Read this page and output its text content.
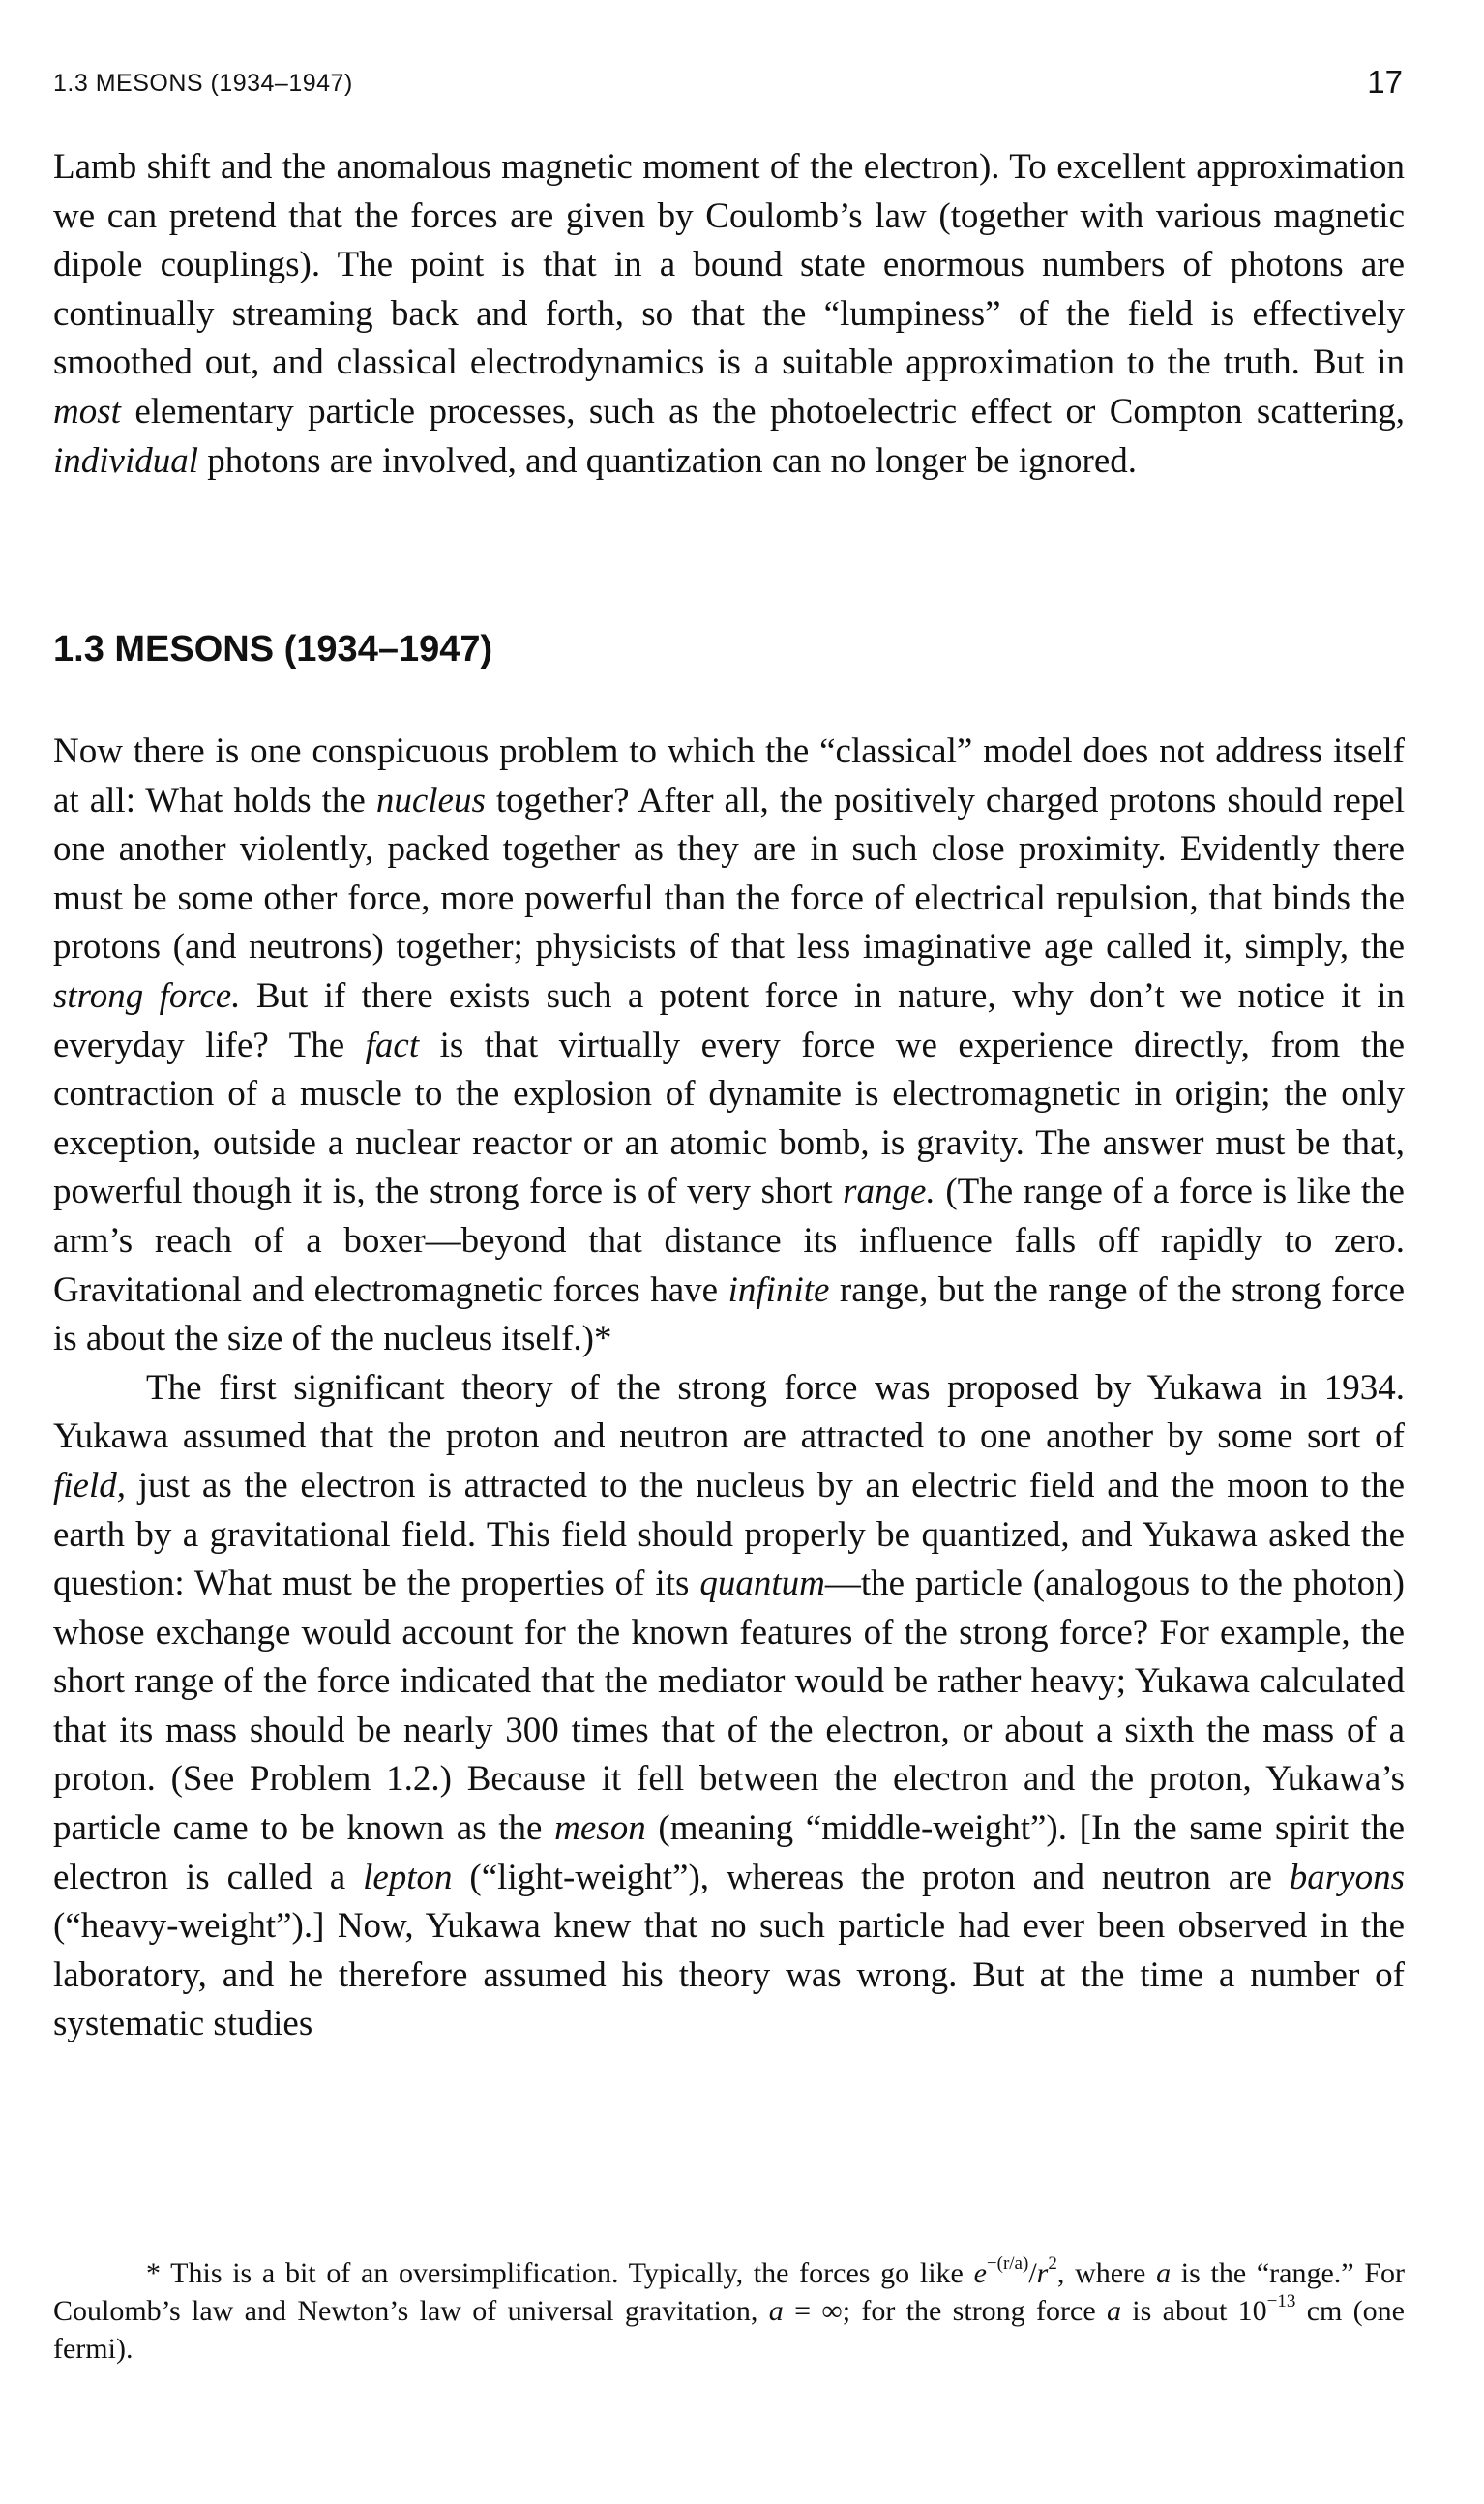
1.3 MESONS (1934–1947)	17

Lamb shift and the anomalous magnetic moment of the electron). To excellent approximation we can pretend that the forces are given by Coulomb’s law (together with various magnetic dipole couplings). The point is that in a bound state enormous numbers of photons are continually streaming back and forth, so that the “lumpiness” of the field is effectively smoothed out, and classical electrodynamics is a suitable approximation to the truth. But in most elementary particle processes, such as the photoelectric effect or Compton scattering, individual photons are involved, and quantization can no longer be ignored.

1.3 MESONS (1934–1947)

Now there is one conspicuous problem to which the “classical” model does not address itself at all: What holds the nucleus together? After all, the positively charged protons should repel one another violently, packed together as they are in such close proximity. Evidently there must be some other force, more powerful than the force of electrical repulsion, that binds the protons (and neutrons) together; physicists of that less imaginative age called it, simply, the strong force. But if there exists such a potent force in nature, why don’t we notice it in everyday life? The fact is that virtually every force we experience directly, from the contraction of a muscle to the explosion of dynamite is electromagnetic in origin; the only exception, outside a nuclear reactor or an atomic bomb, is gravity. The answer must be that, powerful though it is, the strong force is of very short range. (The range of a force is like the arm’s reach of a boxer—beyond that distance its influence falls off rapidly to zero. Gravitational and electromagnetic forces have infinite range, but the range of the strong force is about the size of the nucleus itself.)*

The first significant theory of the strong force was proposed by Yukawa in 1934. Yukawa assumed that the proton and neutron are attracted to one another by some sort of field, just as the electron is attracted to the nucleus by an electric field and the moon to the earth by a gravitational field. This field should properly be quantized, and Yukawa asked the question: What must be the properties of its quantum—the particle (analogous to the photon) whose exchange would account for the known features of the strong force? For example, the short range of the force indicated that the mediator would be rather heavy; Yukawa calculated that its mass should be nearly 300 times that of the electron, or about a sixth the mass of a proton. (See Problem 1.2.) Because it fell between the electron and the proton, Yukawa’s particle came to be known as the meson (meaning “middle-weight”). [In the same spirit the electron is called a lepton (“light-weight”), whereas the proton and neutron are baryons (“heavy-weight”).] Now, Yukawa knew that no such particle had ever been observed in the laboratory, and he therefore assumed his theory was wrong. But at the time a number of systematic studies

* This is a bit of an oversimplification. Typically, the forces go like $e^{-(r/a)}/r^2$, where a is the “range.” For Coulomb’s law and Newton’s law of universal gravitation, a = ∞; for the strong force a is about $10^{-13}$ cm (one fermi).
